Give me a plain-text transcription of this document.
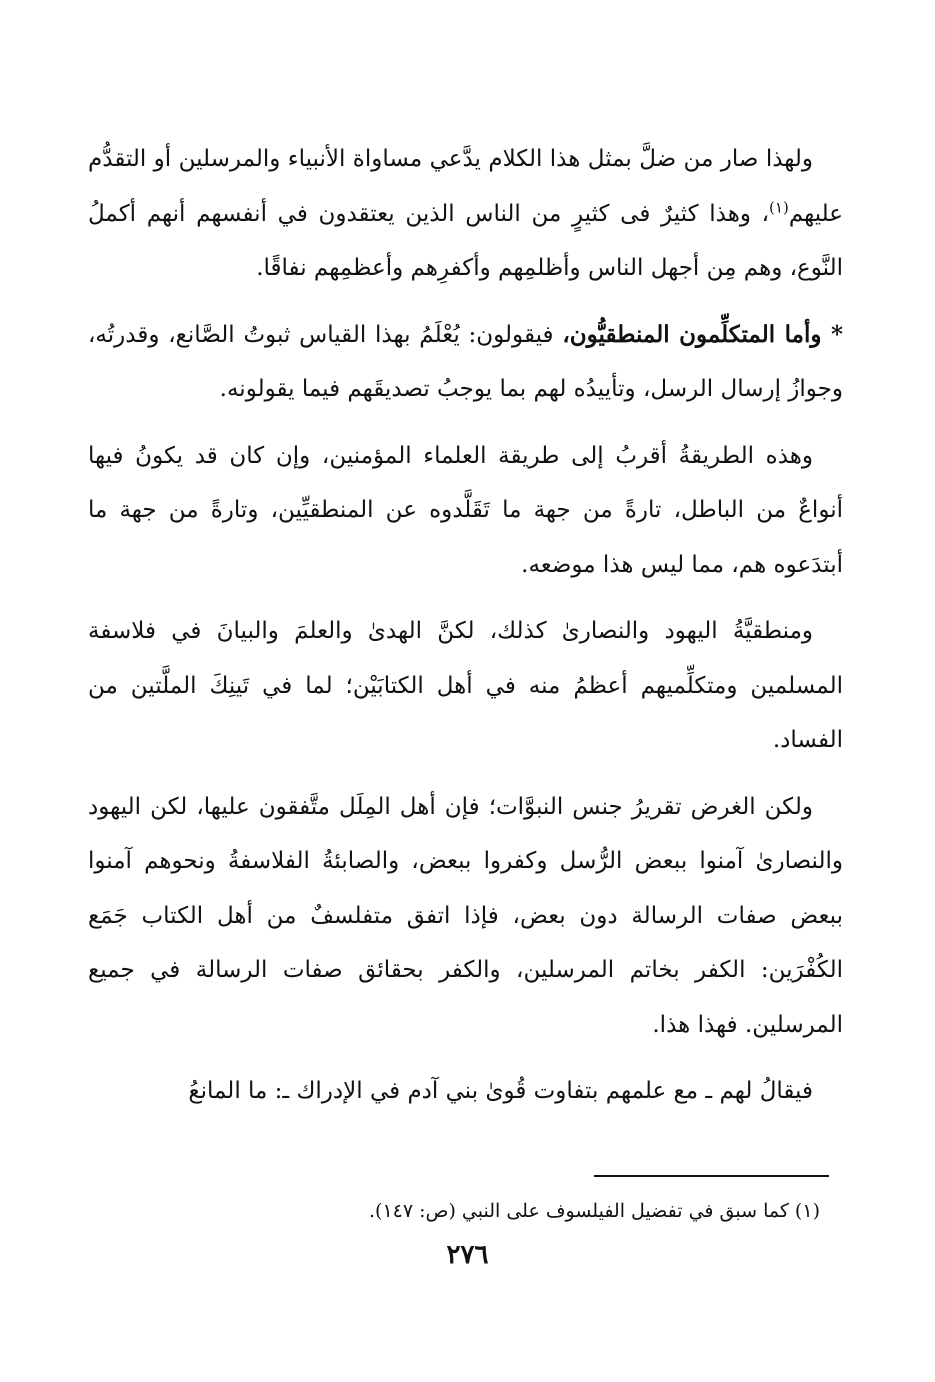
ولهذا صار من ضلَّ بمثل هذا الكلام يدَّعي مساواة الأنبياء والمرسلين أو التقدُّم عليهم$^{(١)}$، وهذا كثيرٌ فى كثيرٍ من الناس الذين يعتقدون في أنفسهم أنهم أكملُ النَّوع، وهم مِن أجهل الناس وأظلمِهم وأكفرِهم وأعظمِهم نفاقًا.

* وأما المتكلِّمون المنطقيُّون، فيقولون: يُعْلَمُ بهذا القياس ثبوتُ الصَّانع، وقدرتُه، وجوازُ إرسال الرسل، وتأييدُه لهم بما يوجبُ تصديقَهم فيما يقولونه.

وهذه الطريقةُ أقربُ إلى طريقة العلماء المؤمنين، وإن كان قد يكونُ فيها أنواعٌ من الباطل، تارةً من جهة ما تَقَلَّدوه عن المنطقيِّين، وتارةً من جهة ما أبتدَعوه هم، مما ليس هذا موضعه.

ومنطقيَّةُ اليهود والنصارىٰ كذلك، لكنَّ الهدىٰ والعلمَ والبيانَ في فلاسفة المسلمين ومتكلِّميهم أعظمُ منه في أهل الكتابَيْن؛ لما في تَينِكَ الملَّتين من الفساد.

ولكن الغرض تقريرُ جنس النبوَّات؛ فإن أهل المِلَل متَّفقون عليها، لكن اليهود والنصارىٰ آمنوا ببعض الرُّسل وكفروا ببعض، والصابئةُ الفلاسفةُ ونحوهم آمنوا ببعض صفات الرسالة دون بعض، فإذا اتفق متفلسفٌ من أهل الكتاب جَمَع الكُفْرَين: الكفر بخاتم المرسلين، والكفر بحقائق صفات الرسالة في جميع المرسلين. فهذا هذا.

فيقالُ لهم ـ مع علمهم بتفاوت قُوىٰ بني آدم في الإدراك ـ: ما المانعُ

(١) كما سبق في تفضيل الفيلسوف على النبي (ص: ١٤٧).
٢٧٦
